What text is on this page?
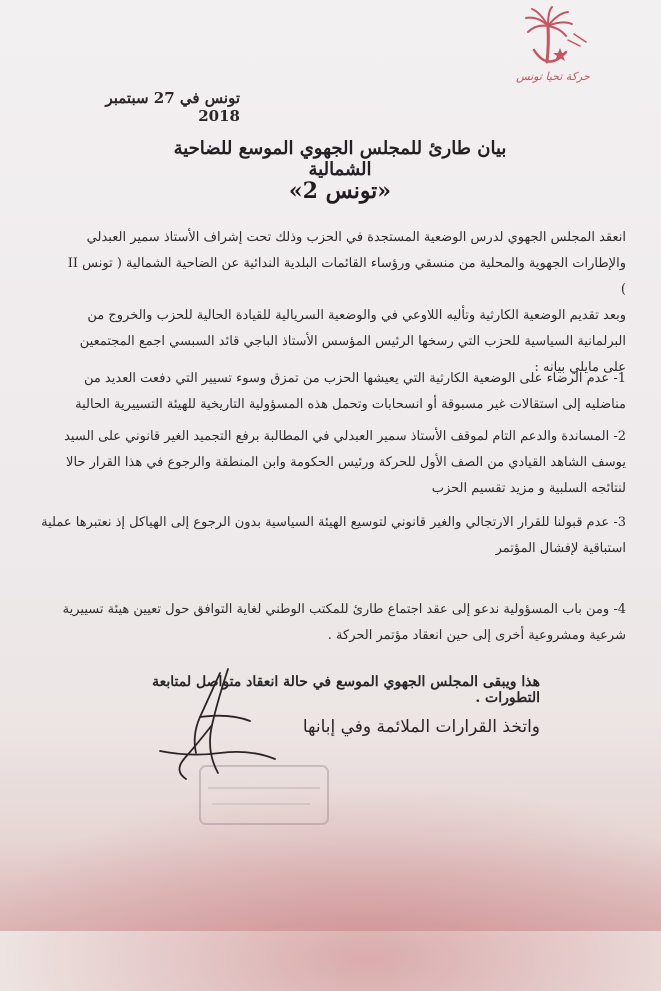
حركة تحيا تونس
تونس في 27 سبتمبر 2018
بيان طارئ للمجلس الجهوي الموسع للضاحية الشمالية
«تونس 2»
انعقد المجلس الجهوي لدرس الوضعية المستجدة في الحزب وذلك تحت إشراف الأستاذ سمير العبدلي والإطارات الجهوية والمحلية من منسقي ورؤساء القائمات البلدية الندائية عن الضاحية الشمالية ( تونس II )
وبعد تقديم الوضعية الكارثية وتأليه اللاوعي في والوضعية السريالية للقيادة الحالية للحزب والخروج من البرلمانية السياسية للحزب التي رسخها الرئيس المؤسس الأستاذ الباجي قائد السبسي اجمع المجتمعين على مايلي بيانه :
1- عدم الرضاء على الوضعية الكارثية التي يعيشها الحزب من تمزق وسوء تسيير التي دفعت العديد من مناضليه إلى استقالات غير مسبوقة أو انسحابات وتحمل هذه المسؤولية التاريخية للهيئة التسييرية الحالية
2- المساندة والدعم التام لموقف الأستاذ سمير العبدلي في المطالبة برفع التجميد الغير قانوني على السيد يوسف الشاهد القيادي من الصف الأول للحركة ورئيس الحكومة وابن المنطقة والرجوع في هذا القرار حالا لنتائجه السلبية و مزيد تقسيم الحزب
3- عدم قبولنا للقرار الارتجالي والغير قانوني لتوسيع الهيئة السياسية بدون الرجوع إلى الهياكل إذ نعتبرها عملية استباقية لإفشال المؤتمر
4- ومن باب المسؤولية ندعو إلى عقد اجتماع طارئ للمكتب الوطني لغاية التوافق حول تعيين هيئة تسييرية شرعية ومشروعية أخرى إلى حين انعقاد مؤتمر الحركة .
هذا ويبقى المجلس الجهوي الموسع في حالة انعقاد متواصل لمتابعة التطورات .
واتخذ القرارات الملائمة وفي إبانها
